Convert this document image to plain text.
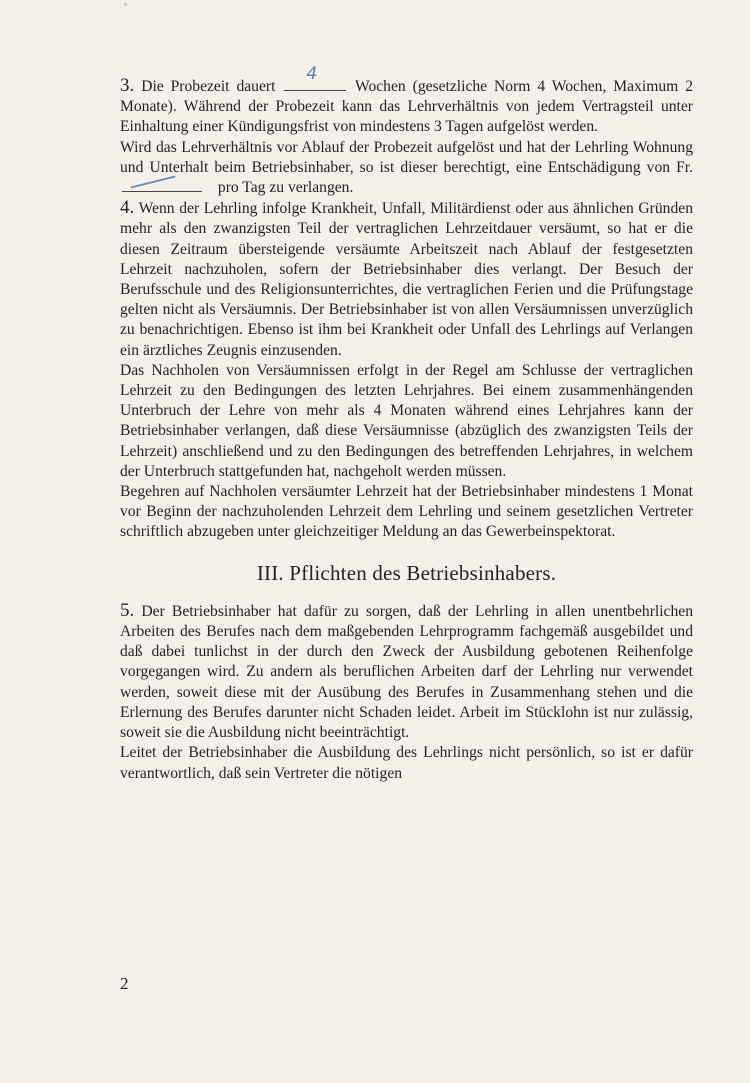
3. Die Probezeit dauert
4
Wochen (gesetzliche Norm 4 Wochen, Maximum 2 Monate). Während der Probezeit kann das Lehrverhältnis von jedem Vertragsteil unter Einhaltung einer Kündigungsfrist von mindestens 3 Tagen aufgelöst werden.

Wird das Lehrverhältnis vor Ablauf der Probezeit aufgelöst und hat der Lehrling Wohnung und Unterhalt beim Betriebsinhaber, so ist dieser berechtigt, eine Entschädigung von Fr.
pro Tag zu verlangen.

4. Wenn der Lehrling infolge Krankheit, Unfall, Militärdienst oder aus ähnlichen Gründen mehr als den zwanzigsten Teil der vertraglichen Lehrzeitdauer versäumt, so hat er die diesen Zeitraum übersteigende versäumte Arbeitszeit nach Ablauf der festgesetzten Lehrzeit nachzuholen, sofern der Betriebsinhaber dies verlangt. Der Besuch der Berufsschule und des Religionsunterrichtes, die vertraglichen Ferien und die Prüfungstage gelten nicht als Versäumnis. Der Betriebsinhaber ist von allen Versäumnissen unverzüglich zu benachrichtigen. Ebenso ist ihm bei Krankheit oder Unfall des Lehrlings auf Verlangen ein ärztliches Zeugnis einzusenden.

Das Nachholen von Versäumnissen erfolgt in der Regel am Schlusse der vertraglichen Lehrzeit zu den Bedingungen des letzten Lehrjahres. Bei einem zusammenhängenden Unterbruch der Lehre von mehr als 4 Monaten während eines Lehrjahres kann der Betriebsinhaber verlangen, daß diese Versäumnisse (abzüglich des zwanzigsten Teils der Lehrzeit) anschließend und zu den Bedingungen des betreffenden Lehrjahres, in welchem der Unterbruch stattgefunden hat, nachgeholt werden müssen.

Begehren auf Nachholen versäumter Lehrzeit hat der Betriebsinhaber mindestens 1 Monat vor Beginn der nachzuholenden Lehrzeit dem Lehrling und seinem gesetzlichen Vertreter schriftlich abzugeben unter gleichzeitiger Meldung an das Gewerbeinspektorat.

III. Pflichten des Betriebsinhabers.

5. Der Betriebsinhaber hat dafür zu sorgen, daß der Lehrling in allen unentbehrlichen Arbeiten des Berufes nach dem maßgebenden Lehrprogramm fachgemäß ausgebildet und daß dabei tunlichst in der durch den Zweck der Ausbildung gebotenen Reihenfolge vorgegangen wird. Zu andern als beruflichen Arbeiten darf der Lehrling nur verwendet werden, soweit diese mit der Ausübung des Berufes in Zusammenhang stehen und die Erlernung des Berufes darunter nicht Schaden leidet. Arbeit im Stücklohn ist nur zulässig, soweit sie die Ausbildung nicht beeinträchtigt.

Leitet der Betriebsinhaber die Ausbildung des Lehrlings nicht persönlich, so ist er dafür verantwortlich, daß sein Vertreter die nötigen

2
